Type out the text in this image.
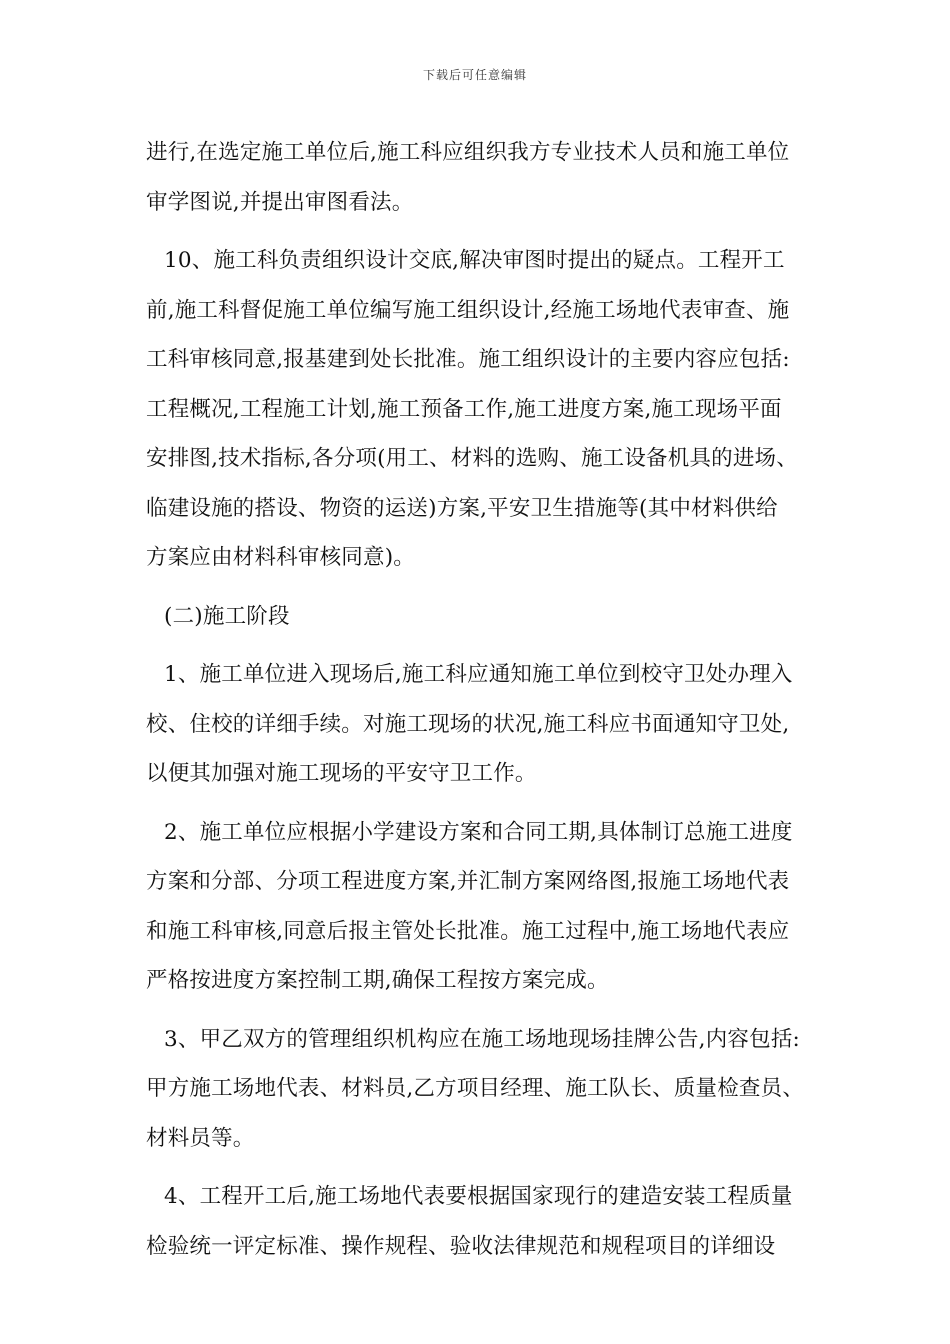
下载后可任意编辑
进行,在选定施工单位后,施工科应组织我方专业技术人员和施工单位
审学图说,并提出审图看法。
10、施工科负责组织设计交底,解决审图时提出的疑点。工程开工
前,施工科督促施工单位编写施工组织设计,经施工场地代表审查、施
工科审核同意,报基建到处长批准。施工组织设计的主要内容应包括:
工程概况,工程施工计划,施工预备工作,施工进度方案,施工现场平面
安排图,技术指标,各分项(用工、材料的选购、施工设备机具的进场、
临建设施的搭设、物资的运送)方案,平安卫生措施等(其中材料供给
方案应由材料科审核同意)。
(二)施工阶段
1、施工单位进入现场后,施工科应通知施工单位到校守卫处办理入
校、住校的详细手续。对施工现场的状况,施工科应书面通知守卫处,
以便其加强对施工现场的平安守卫工作。
2、施工单位应根据小学建设方案和合同工期,具体制订总施工进度
方案和分部、分项工程进度方案,并汇制方案网络图,报施工场地代表
和施工科审核,同意后报主管处长批准。施工过程中,施工场地代表应
严格按进度方案控制工期,确保工程按方案完成。
3、甲乙双方的管理组织机构应在施工场地现场挂牌公告,内容包括:
甲方施工场地代表、材料员,乙方项目经理、施工队长、质量检查员、
材料员等。
4、工程开工后,施工场地代表要根据国家现行的建造安装工程质量
检验统一评定标准、操作规程、验收法律规范和规程项目的详细设
